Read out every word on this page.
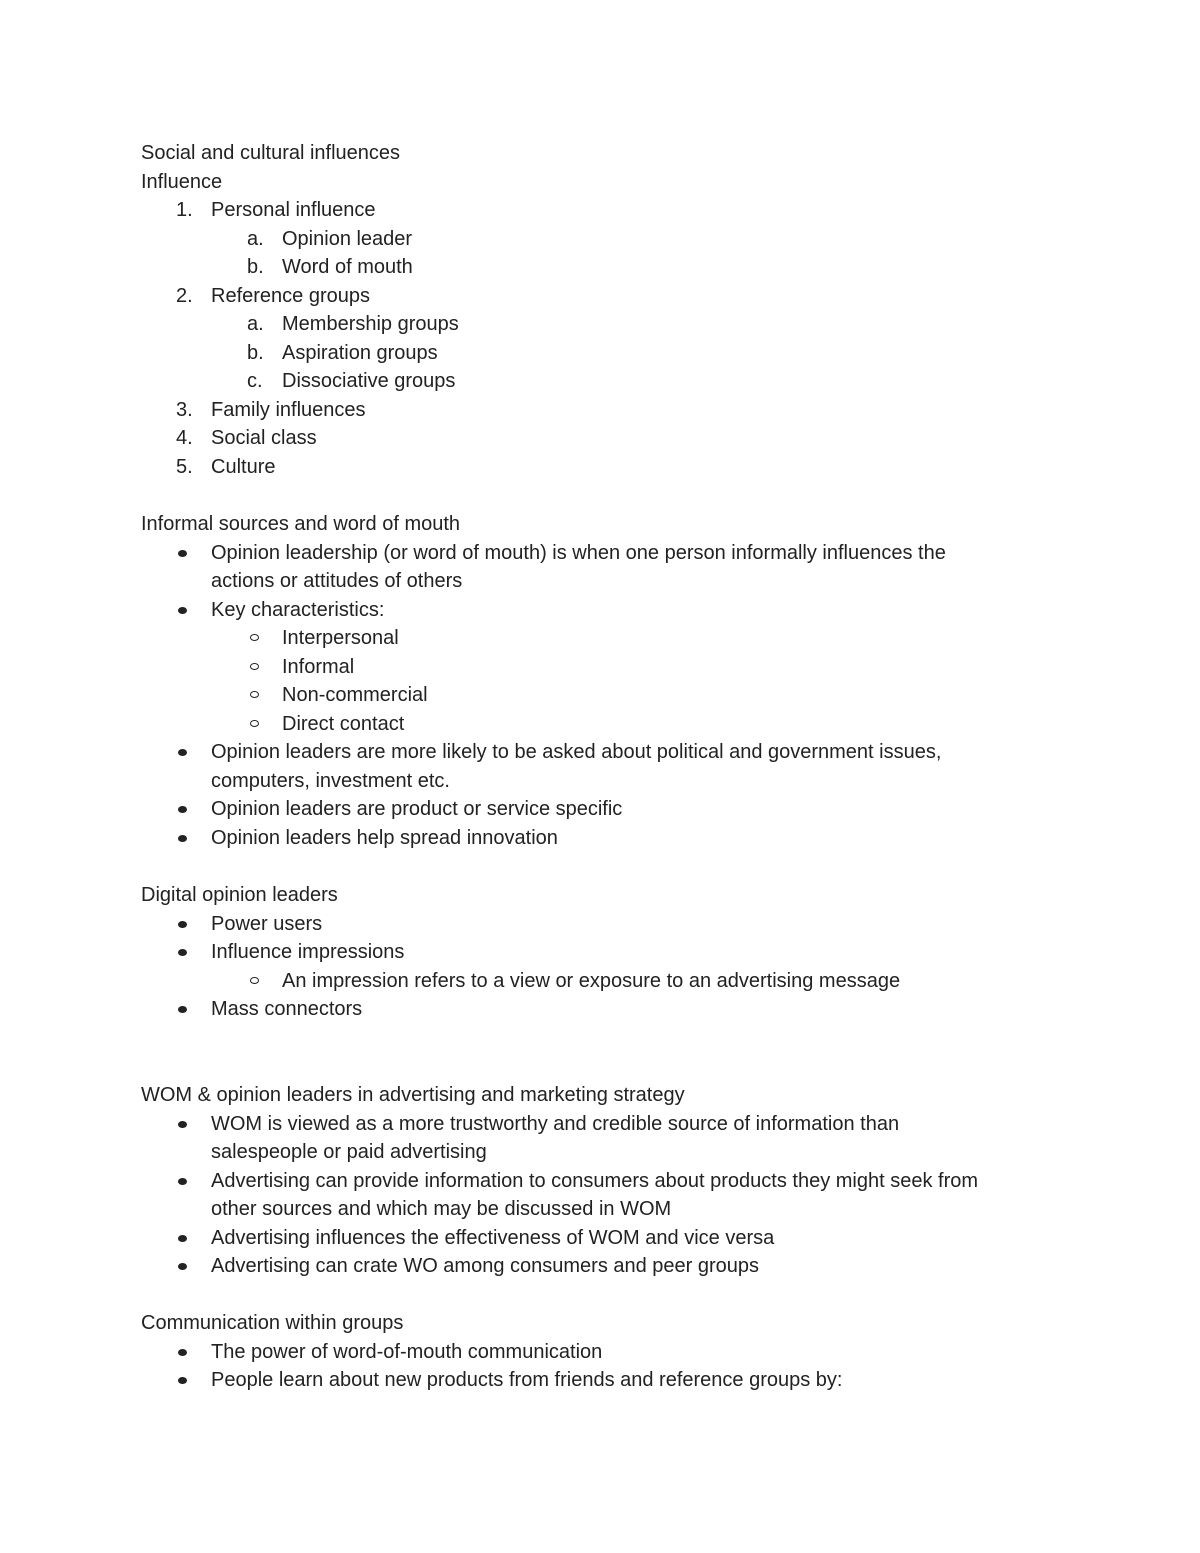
Social and cultural influences
Influence
1. Personal influence
a. Opinion leader
b. Word of mouth
2. Reference groups
a. Membership groups
b. Aspiration groups
c. Dissociative groups
3. Family influences
4. Social class
5. Culture
Informal sources and word of mouth
Opinion leadership (or word of mouth) is when one person informally influences the
actions or attitudes of others
Key characteristics:
Interpersonal
Informal
Non-commercial
Direct contact
Opinion leaders are more likely to be asked about political and government issues,
computers, investment etc.
Opinion leaders are product or service specific
Opinion leaders help spread innovation
Digital opinion leaders
Power users
Influence impressions
An impression refers to a view or exposure to an advertising message
Mass connectors
WOM & opinion leaders in advertising and marketing strategy
WOM is viewed as a more trustworthy and credible source of information than
salespeople or paid advertising
Advertising can provide information to consumers about products they might seek from
other sources and which may be discussed in WOM
Advertising influences the effectiveness of WOM and vice versa
Advertising can crate WO among consumers and peer groups
Communication within groups
The power of word-of-mouth communication
People learn about new products from friends and reference groups by:
